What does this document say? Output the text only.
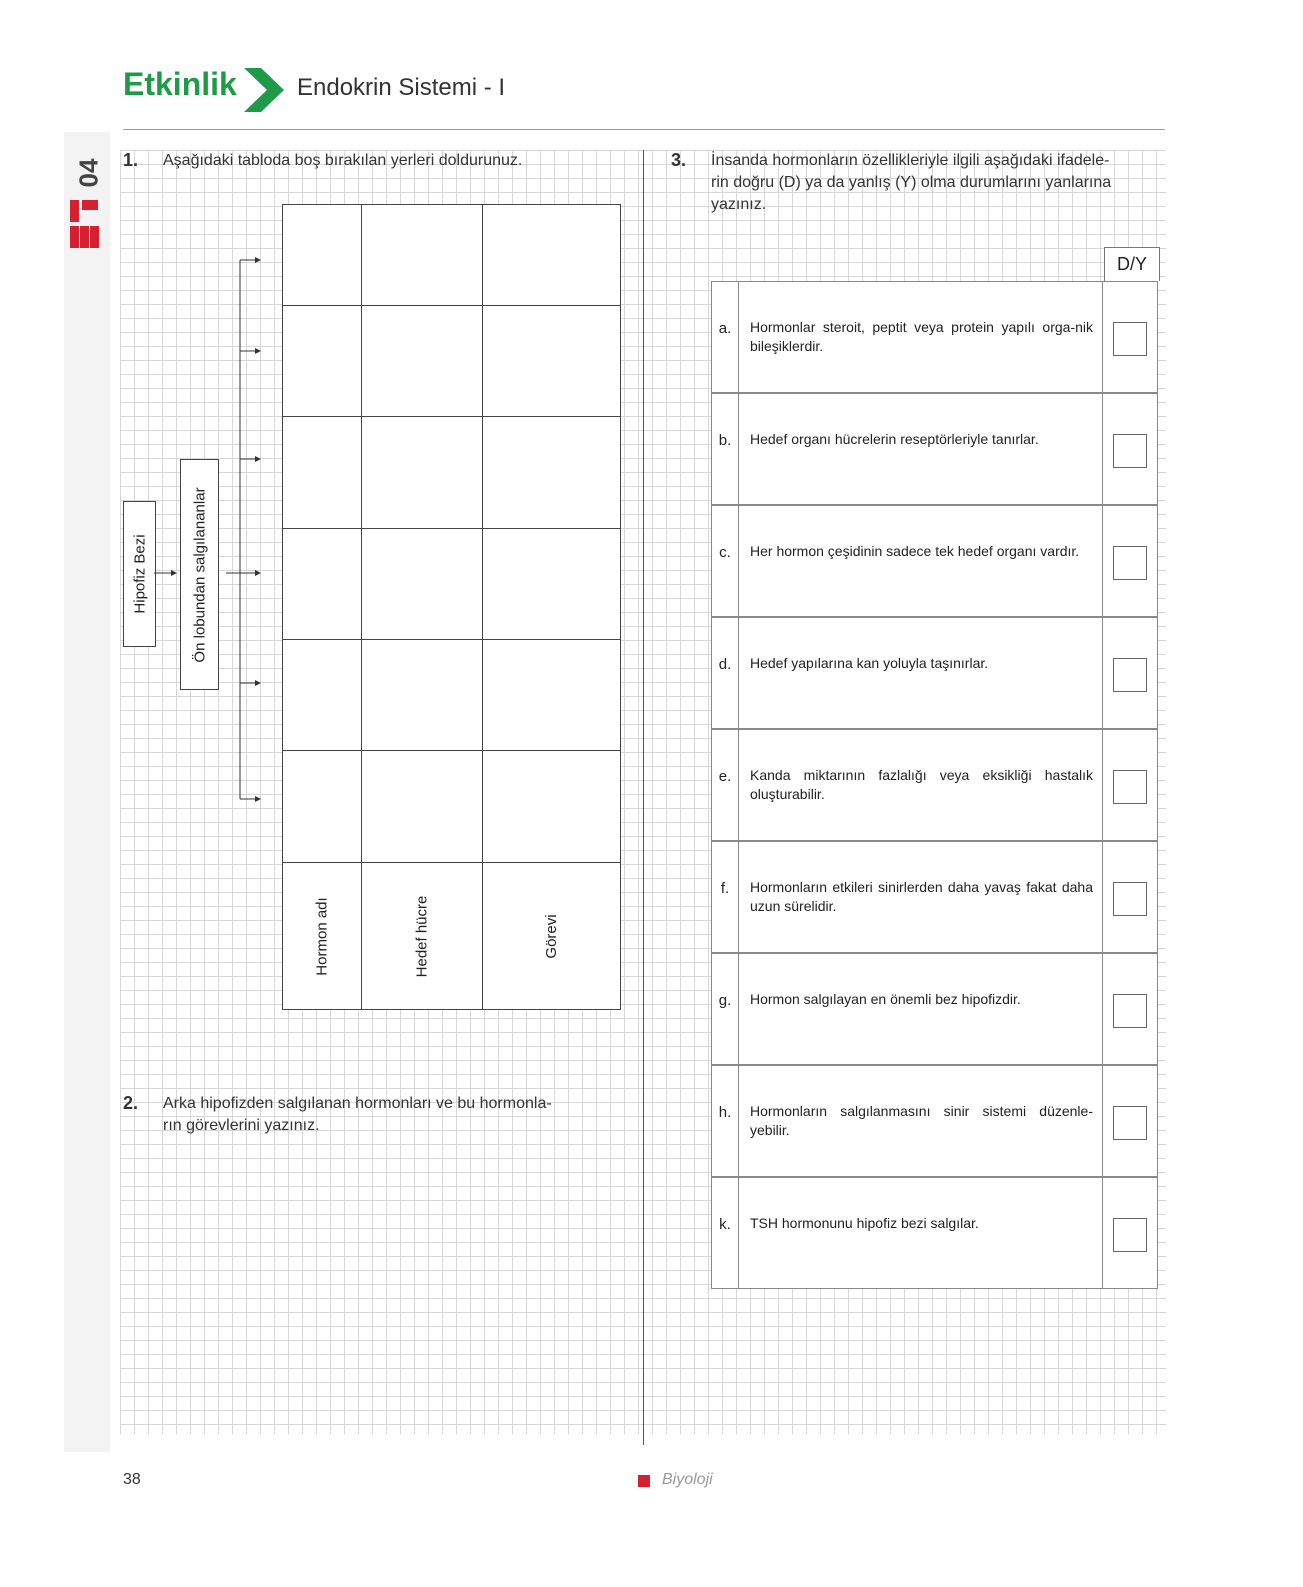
04
Etkinlik	Endokrin Sistemi - I
1. Aşağıdaki tabloda boş bırakılan yerleri doldurunuz.
Hipofiz Bezi	Ön lobundan salgılananlar

Hormon adı	Hedef hücre	Görevi
2. Arka hipofizden salgılanan hormonları ve bu hormonla-
rın görevlerini yazınız.
3. İnsanda hormonların özellikleriyle ilgili aşağıdaki ifadele-
rin doğru (D) ya da yanlış (Y) olma durumlarını yanlarına
yazınız.
D/Y
a.	Hormonlar steroit, peptit veya protein yapılı orga-nik bileşiklerdir.
b.	Hedef organı hücrelerin reseptörleriyle tanırlar.
c.	Her hormon çeşidinin sadece tek hedef organı vardır.
d.	Hedef yapılarına kan yoluyla taşınırlar.
e.	Kanda miktarının fazlalığı veya eksikliği hastalık oluşturabilir.
f.	Hormonların etkileri sinirlerden daha yavaş fakat daha uzun sürelidir.
g.	Hormon salgılayan en önemli bez hipofizdir.
h.	Hormonların salgılanmasını sinir sistemi düzenle-yebilir.
k.	TSH hormonunu hipofiz bezi salgılar.
38	Biyoloji
